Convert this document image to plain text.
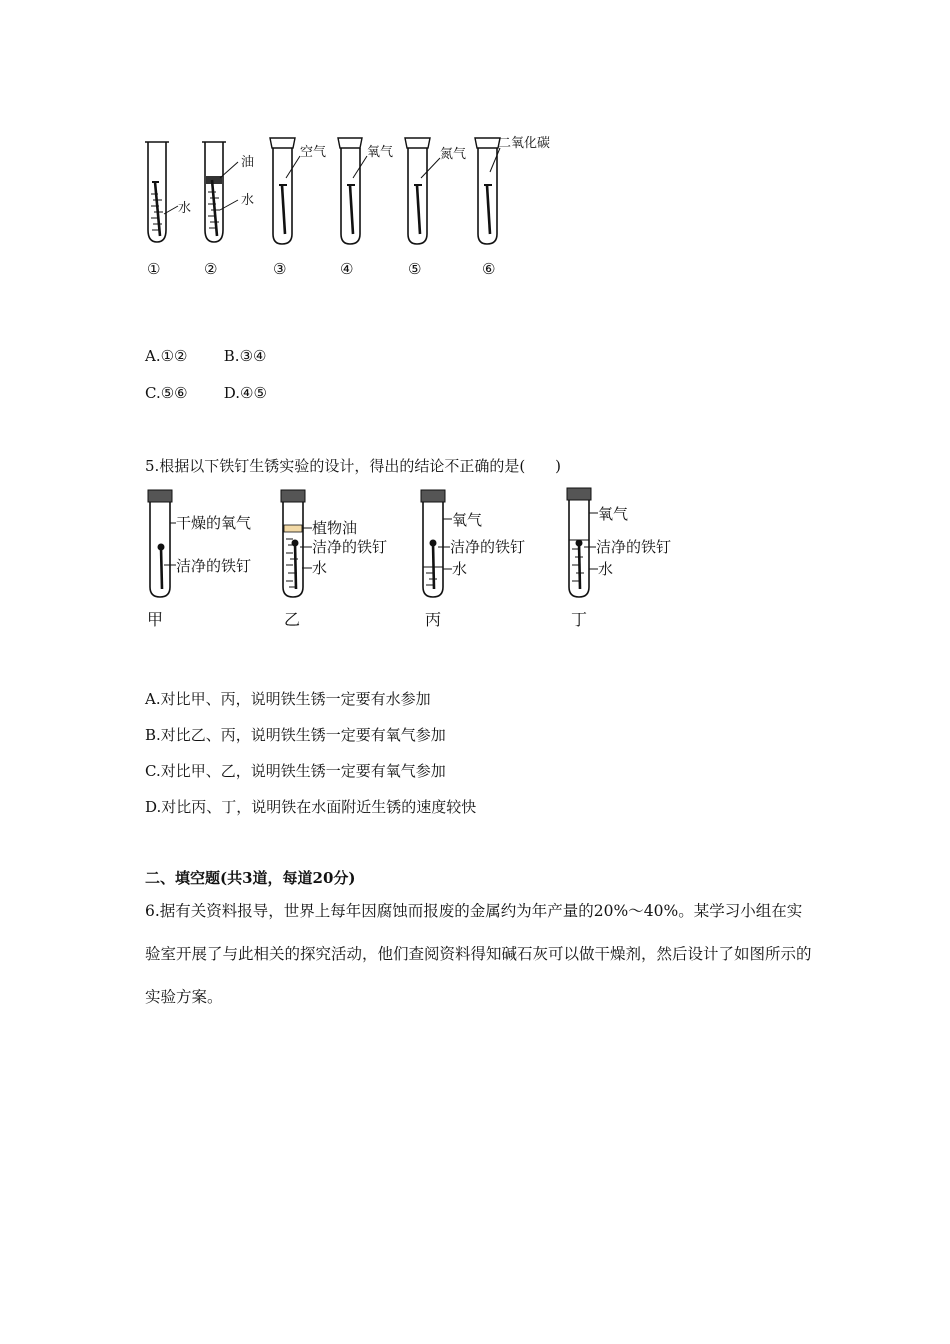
水
①
油
水
②
空气
③
氧气
④
氮气
⑤
二氧化碳
⑥
A.①② B.③④
C.⑤⑥ D.④⑤
5.根据以下铁钉生锈实验的设计，得出的结论不正确的是(　　)
干燥的氧气
洁净的铁钉
甲
植物油
洁净的铁钉
水
乙
氧气
洁净的铁钉
水
丙
氧气
洁净的铁钉
水
丁
A.对比甲、丙，说明铁生锈一定要有水参加
B.对比乙、丙，说明铁生锈一定要有氧气参加
C.对比甲、乙，说明铁生锈一定要有氧气参加
D.对比丙、丁，说明铁在水面附近生锈的速度较快
二、填空题(共3道，每道20分)
6.据有关资料报导，世界上每年因腐蚀而报废的金属约为年产量的20%～40%。某学习小组在实验室开展了与此相关的探究活动，他们查阅资料得知碱石灰可以做干燥剂，然后设计了如图所示的实验方案。
